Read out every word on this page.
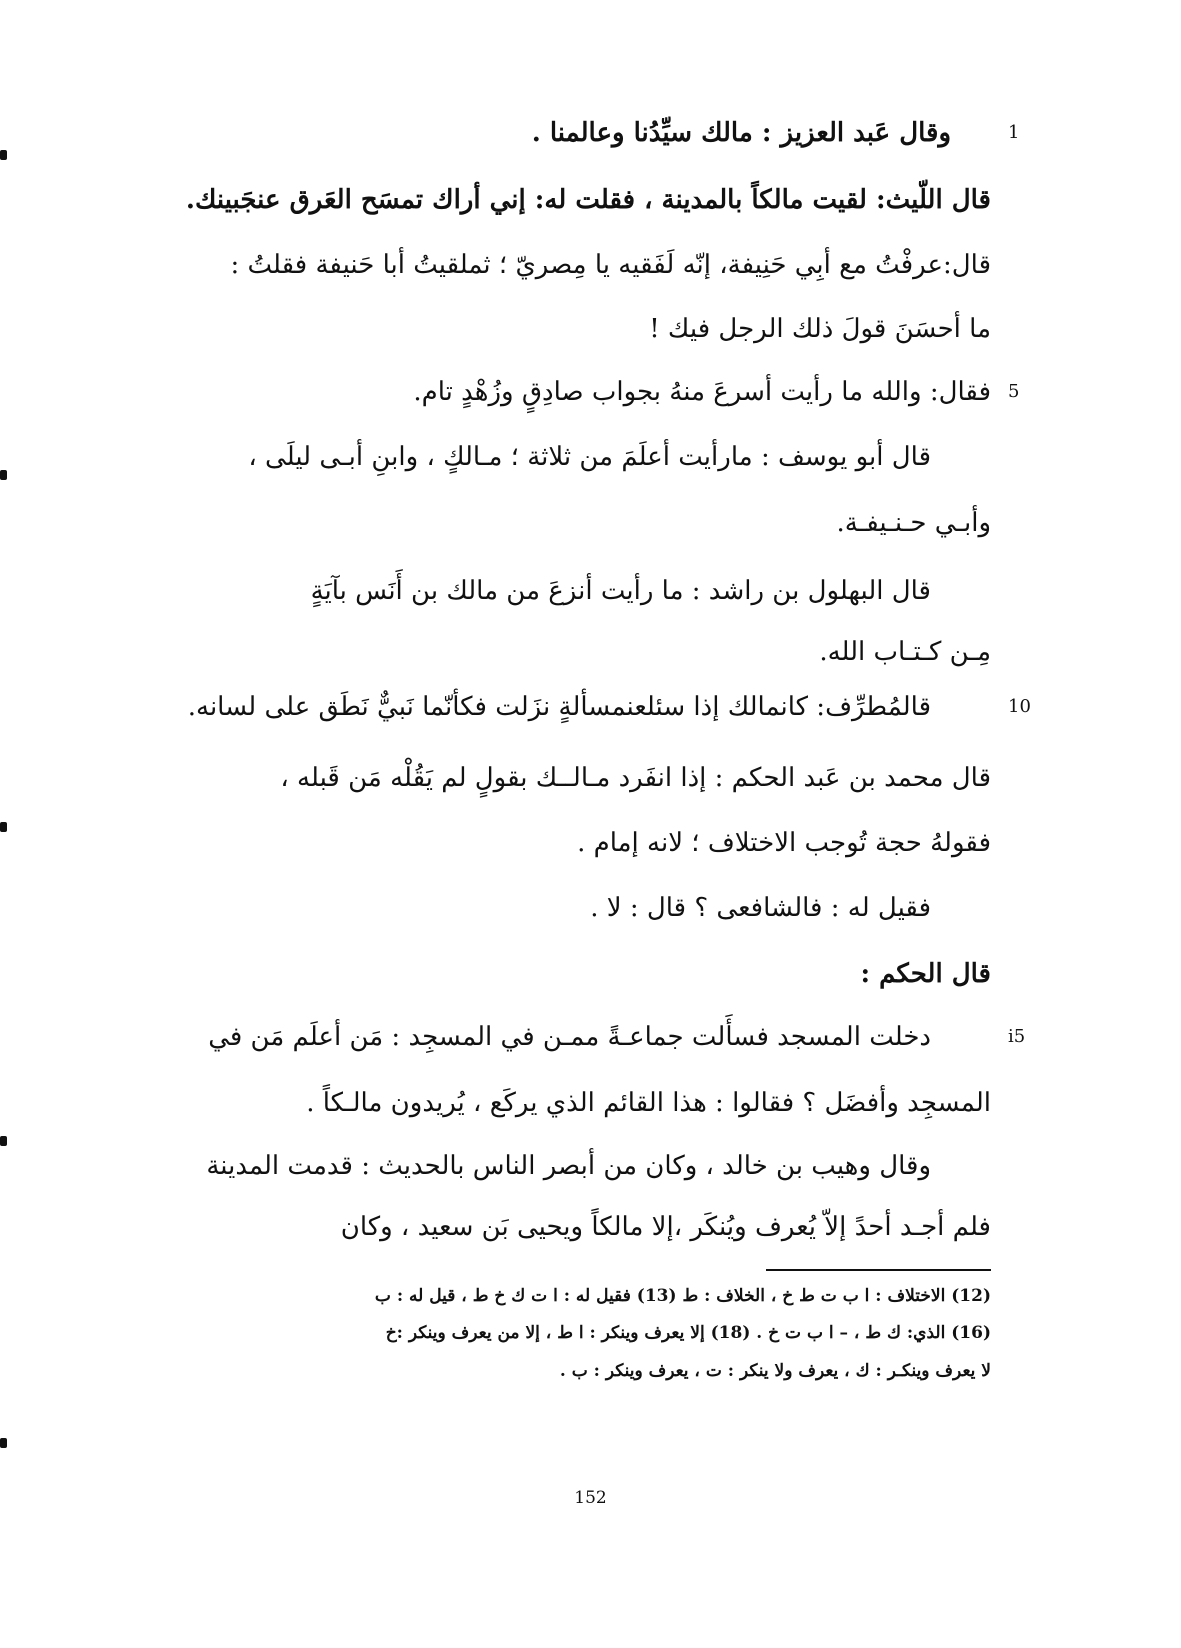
1
5
10
i5
وقال عَبد العزيز : مالك سيِّدُنا وعالمنا .
قال اللّيث: لقيت مالكاً بالمدينة ، فقلت له: إني أراك تمسَح العَرق عنجَبينك.
قال:عرفْتُ مع أبِي حَنِيفة، إنّه لَفَقيه يا مِصريّ ؛ ثملقيتُ أبا حَنيفة فقلتُ :
ما أحسَنَ قولَ ذلك الرجل فيك !
فقال: والله ما رأيت أسرعَ منهُ بجواب صادِقٍ وزُهْدٍ تام.
قال أبو يوسف : مارأيت أعلَمَ من ثلاثة ؛ مـالكٍ ، وابنِ أبـى ليلَى ،
وأبـي حـنـيفـة.
قال البهلول بن راشد : ما رأيت أنزعَ من مالك بن أَنَس بآيَةٍ
مِـن كـتـاب الله.
قالمُطرِّف: كانمالك إذا سئلعنمسألةٍ نزَلت فكأنّما نَبيٌّ نَطَق على لسانه.
قال محمد بن عَبد الحكم : إذا انفَرد مـالــك بقولٍ لم يَقُلْه مَن قَبله ،
فقولهُ حجة تُوجب الاختلاف ؛ لانه إمام .
فقيل له : فالشافعى ؟ قال : لا .
قال الحكم :
دخلت المسجد فسأَلت جماعـةً ممـن في المسجِد : مَن أعلَم مَن في
المسجِد وأفضَل ؟ فقالوا : هذا القائم الذي يركَع ، يُريدون مالـكاً .
وقال وهيب بن خالد ، وكان من أبصر الناس بالحديث : قدمت المدينة
فلم أجـد أحدً إلاّ يُعرف ويُنكَر ،إلا مالكاً ويحيى بَن سعيد ، وكان
(12) الاختلاف : ا ب ت ط خ ، الخلاف : ط (13) فقيل له : ا ت ك خ ط ، قيل له : ب
(16) الذي: ك ط ، – ا ب ت خ . (18) إلا يعرف وينكر : ا ط ، إلا من يعرف وينكر :خ
لا يعرف وينكـر : ك ، يعرف ولا ينكر : ت ، يعرف وينكر : ب .
152
